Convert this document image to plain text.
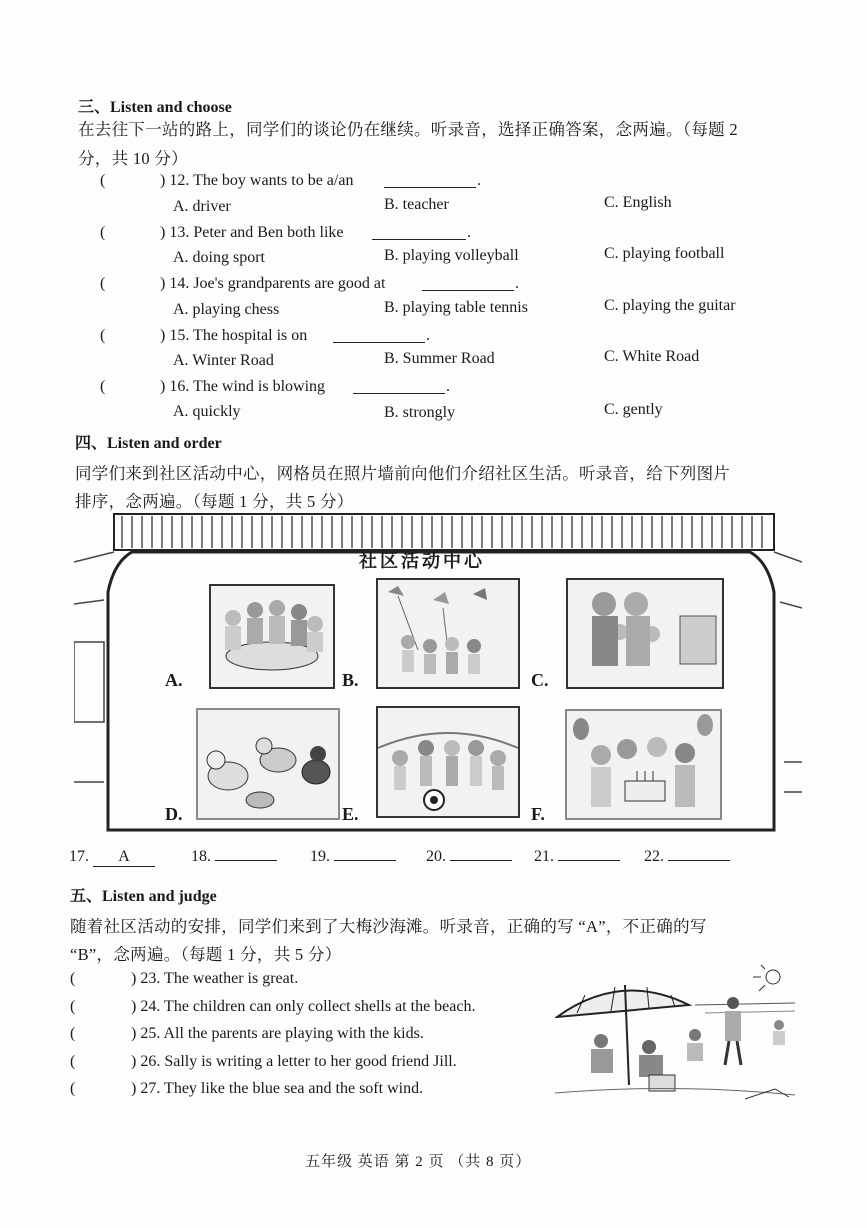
三、Listen and choose
在去往下一站的路上，同学们的谈论仍在继续。听录音，选择正确答案，念两遍。（每题 2
分，共 10 分）
(	) 12. The boy wants to be a/an	.
A. driver	B. teacher	C. English
(	) 13. Peter and Ben both like	.
A. doing sport	B. playing volleyball	C. playing football
(	) 14. Joe's grandparents are good at	.
A. playing chess	B. playing table tennis	C. playing the guitar
(	) 15. The hospital is on	.
A. Winter Road	B. Summer Road	C. White Road
(	) 16. The wind is blowing	.
A. quickly	B. strongly	C. gently
四、Listen and order
同学们来到社区活动中心，网格员在照片墙前向他们介绍社区生活。听录音，给下列图片
排序，念两遍。（每题 1 分，共 5 分）
社区活动中心
A.	B.	C.
D.	E.	F.
17. A	18.	19.	20.	21.	22.
五、Listen and judge
随着社区活动的安排，同学们来到了大梅沙海滩。听录音，正确的写 “A”，不正确的写
“B”，念两遍。（每题 1 分，共 5 分）
(	) 23. The weather is great.
(	) 24. The children can only collect shells at the beach.
(	) 25. All the parents are playing with the kids.
(	) 26. Sally is writing a letter to her good friend Jill.
(	) 27. They like the blue sea and the soft wind.
五年级 英语 第 2 页 （共 8 页）
